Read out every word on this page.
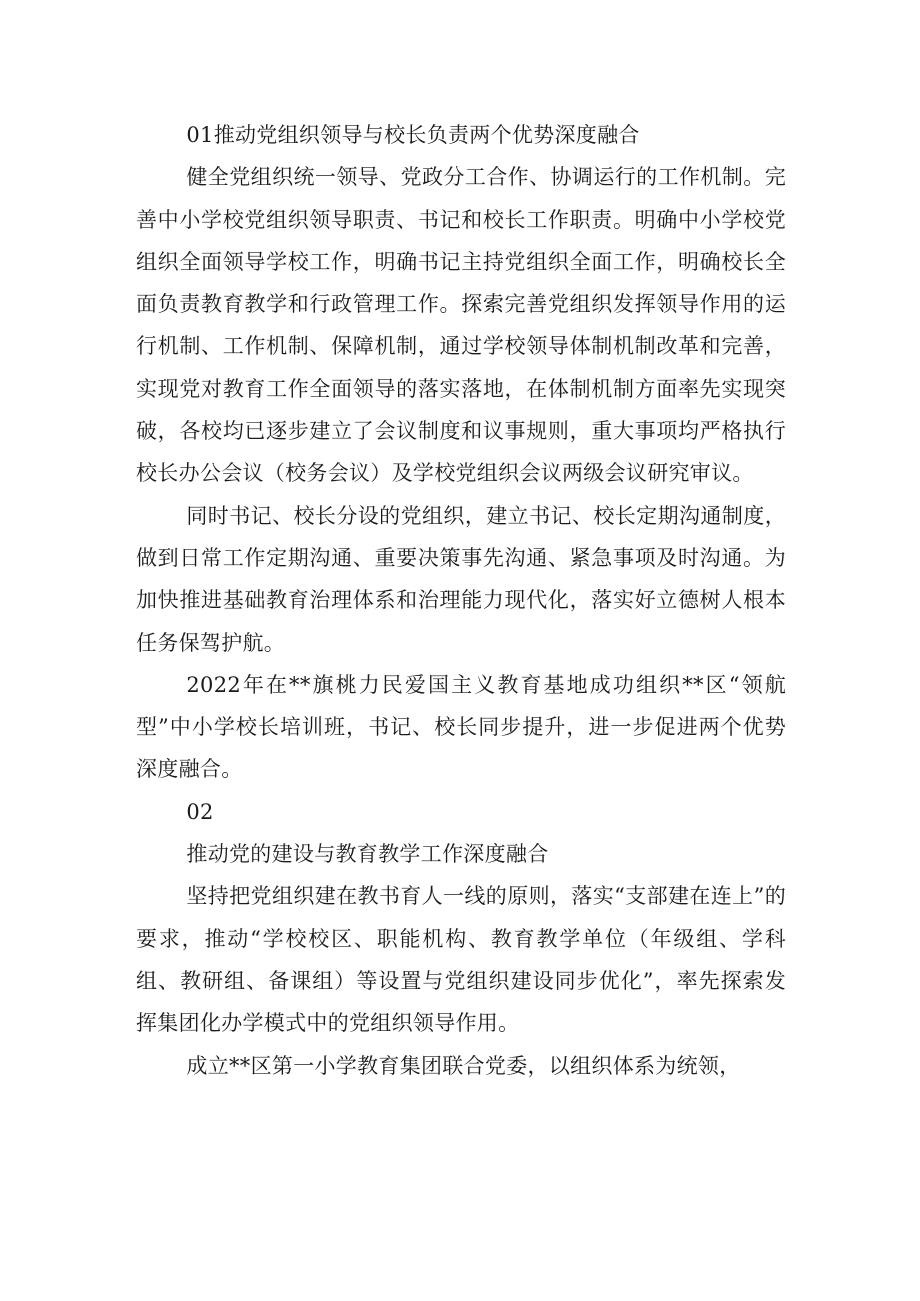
01推动党组织领导与校长负责两个优势深度融合

健全党组织统一领导、党政分工合作、协调运行的工作机制。完善中小学校党组织领导职责、书记和校长工作职责。明确中小学校党组织全面领导学校工作，明确书记主持党组织全面工作，明确校长全面负责教育教学和行政管理工作。探索完善党组织发挥领导作用的运行机制、工作机制、保障机制，通过学校领导体制机制改革和完善，实现党对教育工作全面领导的落实落地，在体制机制方面率先实现突破，各校均已逐步建立了会议制度和议事规则，重大事项均严格执行校长办公会议（校务会议）及学校党组织会议两级会议研究审议。

同时书记、校长分设的党组织，建立书记、校长定期沟通制度，做到日常工作定期沟通、重要决策事先沟通、紧急事项及时沟通。为加快推进基础教育治理体系和治理能力现代化，落实好立德树人根本任务保驾护航。

2022年在**旗桃力民爱国主义教育基地成功组织**区“领航型”中小学校长培训班，书记、校长同步提升，进一步促进两个优势深度融合。

02

推动党的建设与教育教学工作深度融合

坚持把党组织建在教书育人一线的原则，落实“支部建在连上”的要求，推动“学校校区、职能机构、教育教学单位（年级组、学科组、教研组、备课组）等设置与党组织建设同步优化”，率先探索发挥集团化办学模式中的党组织领导作用。

成立**区第一小学教育集团联合党委，以组织体系为统领，
